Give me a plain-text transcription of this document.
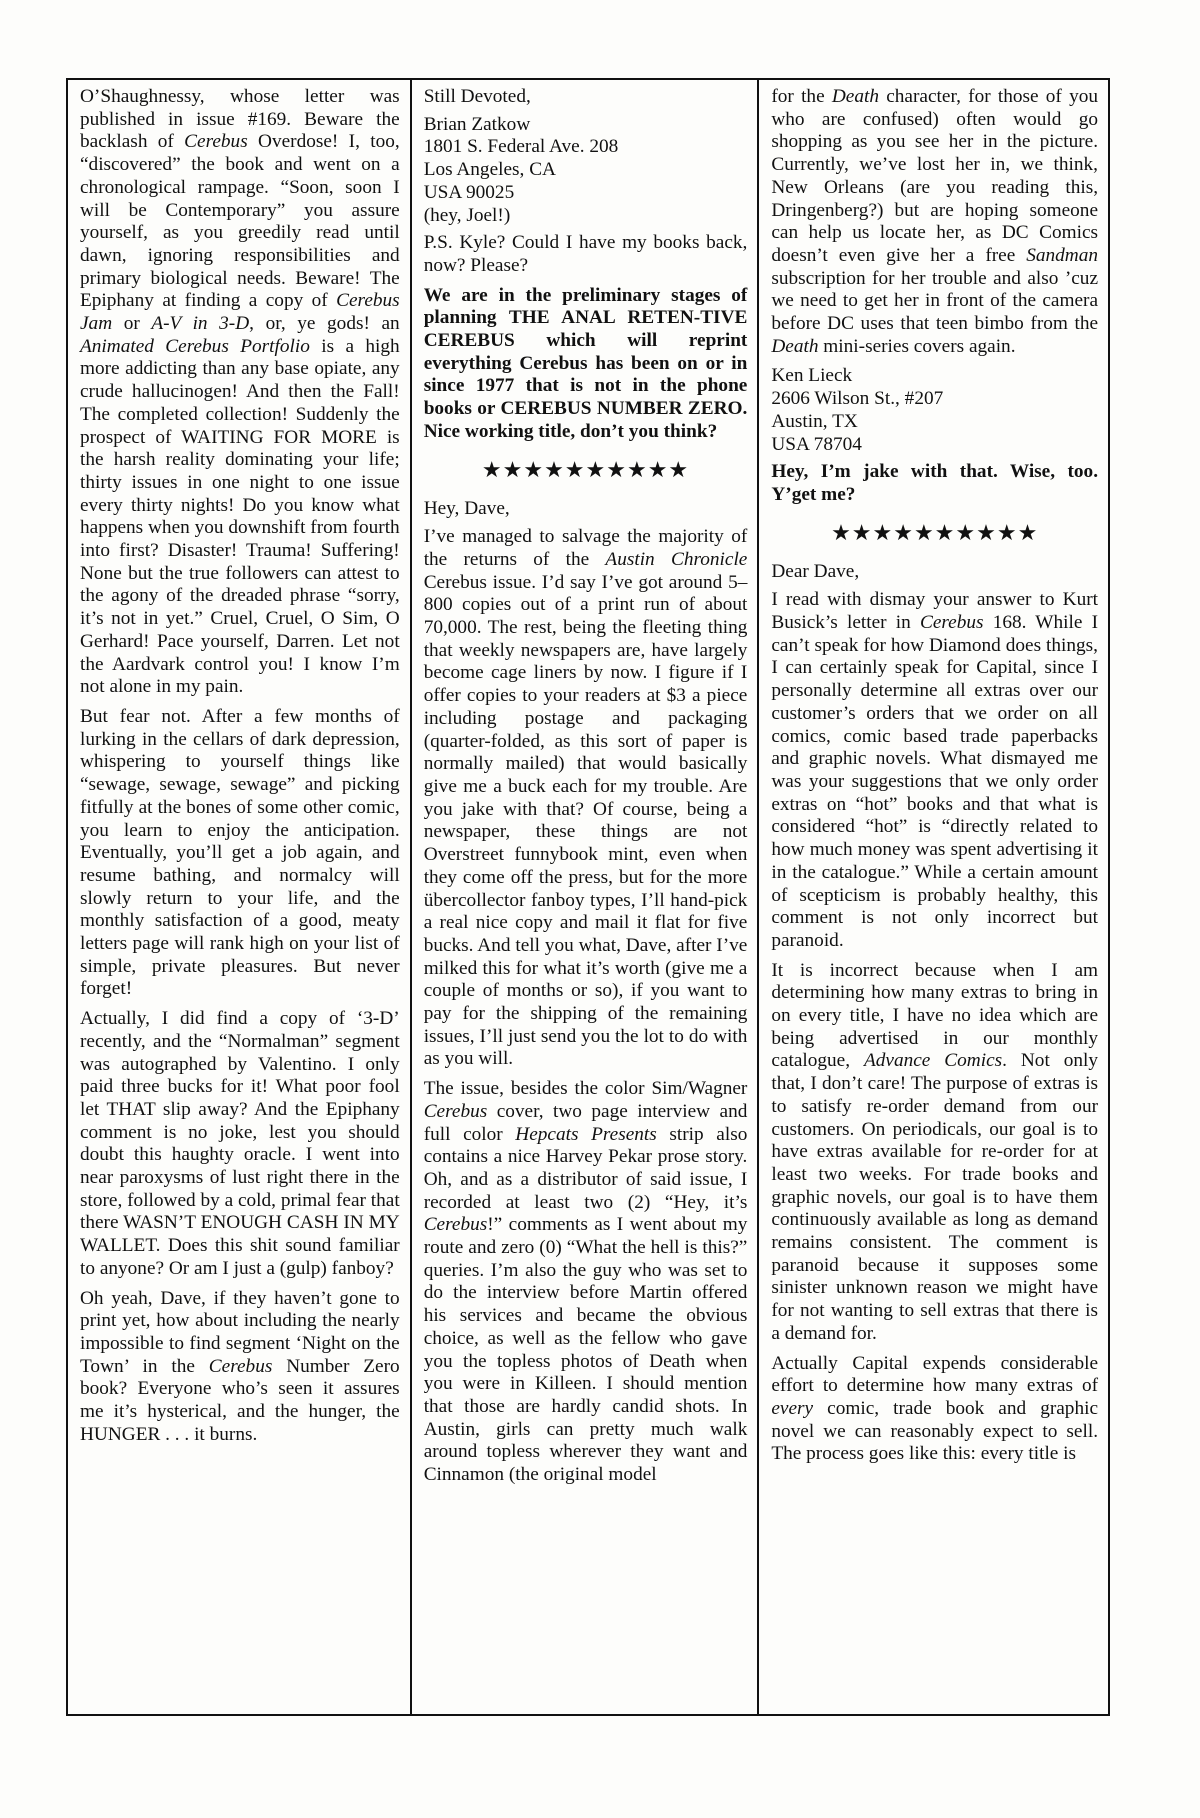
O’Shaughnessy, whose letter was published in issue #169. Beware the backlash of Cerebus Overdose! I, too, “discovered” the book and went on a chronological rampage. “Soon, soon I will be Contemporary” you assure yourself, as you greedily read until dawn, ignoring responsibilities and primary biological needs. Beware! The Epiphany at finding a copy of Cerebus Jam or A-V in 3-D, or, ye gods! an Animated Cerebus Portfolio is a high more addicting than any base opiate, any crude hallucinogen! And then the Fall! The completed collection! Suddenly the prospect of WAITING FOR MORE is the harsh reality dominating your life; thirty issues in one night to one issue every thirty nights! Do you know what happens when you downshift from fourth into first? Disaster! Trauma! Suffering! None but the true followers can attest to the agony of the dreaded phrase “sorry, it’s not in yet.” Cruel, Cruel, O Sim, O Gerhard! Pace yourself, Darren. Let not the Aardvark control you! I know I’m not alone in my pain.

But fear not. After a few months of lurking in the cellars of dark depression, whispering to yourself things like “sewage, sewage, sewage” and picking fitfully at the bones of some other comic, you learn to enjoy the anticipation. Eventually, you’ll get a job again, and resume bathing, and normalcy will slowly return to your life, and the monthly satisfaction of a good, meaty letters page will rank high on your list of simple, private pleasures. But never forget!

Actually, I did find a copy of ‘3-D’ recently, and the “Normalman” segment was autographed by Valentino. I only paid three bucks for it! What poor fool let THAT slip away? And the Epiphany comment is no joke, lest you should doubt this haughty oracle. I went into near paroxysms of lust right there in the store, followed by a cold, primal fear that there WASN’T ENOUGH CASH IN MY WALLET. Does this shit sound familiar to anyone? Or am I just a (gulp) fanboy?

Oh yeah, Dave, if they haven’t gone to print yet, how about including the nearly impossible to find segment ‘Night on the Town’ in the Cerebus Number Zero book? Everyone who’s seen it assures me it’s hysterical, and the hunger, the HUNGER . . . it burns.

Still Devoted,

Brian Zatkow
1801 S. Federal Ave. 208
Los Angeles, CA
USA 90025
(hey, Joel!)

P.S. Kyle? Could I have my books back, now? Please?

We are in the preliminary stages of planning THE ANAL RETEN-TIVE CEREBUS which will reprint everything Cerebus has been on or in since 1977 that is not in the phone books or CEREBUS NUMBER ZERO. Nice working title, don’t you think?

★★★★★★★★★★

Hey, Dave,

I’ve managed to salvage the majority of the returns of the Austin Chronicle Cerebus issue. I’d say I’ve got around 5–800 copies out of a print run of about 70,000. The rest, being the fleeting thing that weekly newspapers are, have largely become cage liners by now. I figure if I offer copies to your readers at $3 a piece including postage and packaging (quarter-folded, as this sort of paper is normally mailed) that would basically give me a buck each for my trouble. Are you jake with that? Of course, being a newspaper, these things are not Overstreet funnybook mint, even when they come off the press, but for the more übercollector fanboy types, I’ll hand-pick a real nice copy and mail it flat for five bucks. And tell you what, Dave, after I’ve milked this for what it’s worth (give me a couple of months or so), if you want to pay for the shipping of the remaining issues, I’ll just send you the lot to do with as you will.

The issue, besides the color Sim/Wagner Cerebus cover, two page interview and full color Hepcats Presents strip also contains a nice Harvey Pekar prose story. Oh, and as a distributor of said issue, I recorded at least two (2) “Hey, it’s Cerebus!” comments as I went about my route and zero (0) “What the hell is this?” queries. I’m also the guy who was set to do the interview before Martin offered his services and became the obvious choice, as well as the fellow who gave you the topless photos of Death when you were in Killeen. I should mention that those are hardly candid shots. In Austin, girls can pretty much walk around topless wherever they want and Cinnamon (the original model

for the Death character, for those of you who are confused) often would go shopping as you see her in the picture. Currently, we’ve lost her in, we think, New Orleans (are you reading this, Dringenberg?) but are hoping someone can help us locate her, as DC Comics doesn’t even give her a free Sandman subscription for her trouble and also ’cuz we need to get her in front of the camera before DC uses that teen bimbo from the Death mini-series covers again.

Ken Lieck
2606 Wilson St., #207
Austin, TX
USA 78704

Hey, I’m jake with that. Wise, too. Y’get me?

★★★★★★★★★★

Dear Dave,

I read with dismay your answer to Kurt Busick’s letter in Cerebus 168. While I can’t speak for how Diamond does things, I can certainly speak for Capital, since I personally determine all extras over our customer’s orders that we order on all comics, comic based trade paperbacks and graphic novels. What dismayed me was your suggestions that we only order extras on “hot” books and that what is considered “hot” is “directly related to how much money was spent advertising it in the catalogue.” While a certain amount of scepticism is probably healthy, this comment is not only incorrect but paranoid.

It is incorrect because when I am determining how many extras to bring in on every title, I have no idea which are being advertised in our monthly catalogue, Advance Comics. Not only that, I don’t care! The purpose of extras is to satisfy re-order demand from our customers. On periodicals, our goal is to have extras available for re-order for at least two weeks. For trade books and graphic novels, our goal is to have them continuously available as long as demand remains consistent. The comment is paranoid because it supposes some sinister unknown reason we might have for not wanting to sell extras that there is a demand for.

Actually Capital expends considerable effort to determine how many extras of every comic, trade book and graphic novel we can reasonably expect to sell. The process goes like this: every title is
